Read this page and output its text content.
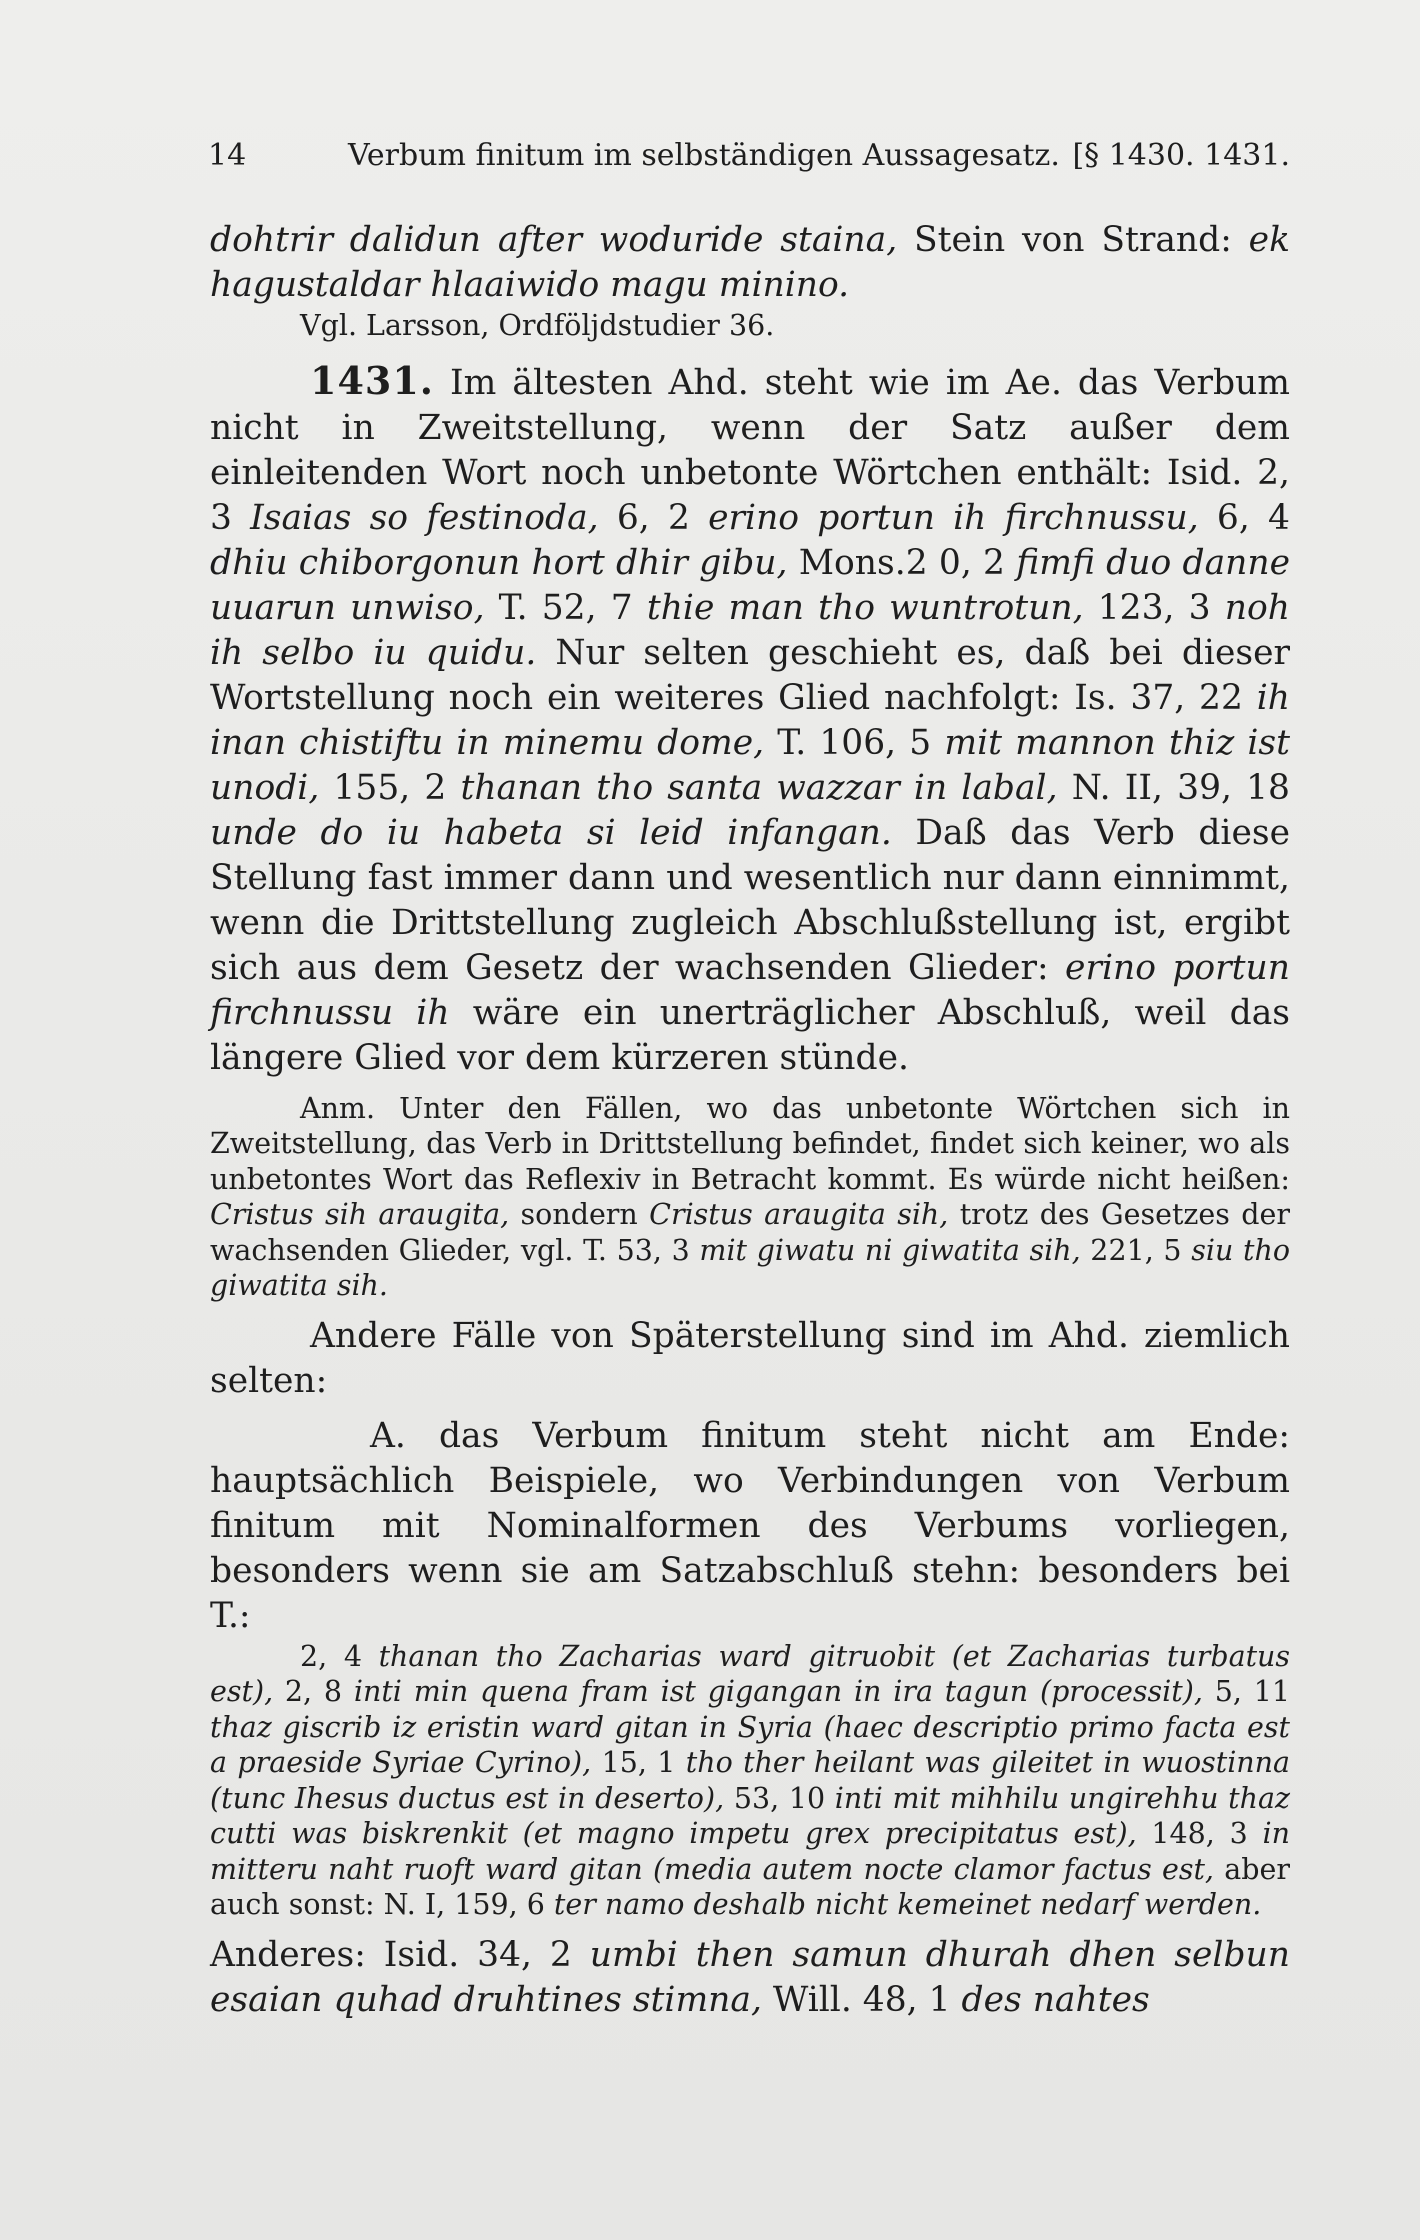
14	Verbum finitum im selbständigen Aussagesatz. [§ 1430. 1431.

dohtrir dalidun after woduride staina, Stein von Strand: ek hagustaldar hlaaiwido magu minino.

Vgl. Larsson, Ordföljdstudier 36.

1431. Im ältesten Ahd. steht wie im Ae. das Verbum nicht in Zweitstellung, wenn der Satz außer dem einleitenden Wort noch unbetonte Wörtchen enthält: Isid. 2, 3 Isaias so festinoda, 6, 2 erino portun ih firchnussu, 6, 4 dhiu chiborgonun hort dhir gibu, Mons.2 0, 2 fimfi duo danne uuarun unwiso, T. 52, 7 thie man tho wuntrotun, 123, 3 noh ih selbo iu quidu. Nur selten geschieht es, daß bei dieser Wortstellung noch ein weiteres Glied nachfolgt: Is. 37, 22 ih inan chistiftu in minemu dome, T. 106, 5 mit mannon thiz ist unodi, 155, 2 thanan tho santa wazzar in labal, N. II, 39, 18 unde do iu habeta si leid infangan. Daß das Verb diese Stellung fast immer dann und wesentlich nur dann einnimmt, wenn die Drittstellung zugleich Abschlußstellung ist, ergibt sich aus dem Gesetz der wachsenden Glieder: erino portun firchnussu ih wäre ein unerträglicher Abschluß, weil das längere Glied vor dem kürzeren stünde.

Anm. Unter den Fällen, wo das unbetonte Wörtchen sich in Zweitstellung, das Verb in Drittstellung befindet, findet sich keiner, wo als unbetontes Wort das Reflexiv in Betracht kommt. Es würde nicht heißen: Cristus sih araugita, sondern Cristus araugita sih, trotz des Gesetzes der wachsenden Glieder, vgl. T. 53, 3 mit giwatu ni giwatita sih, 221, 5 siu tho giwatita sih.

Andere Fälle von Späterstellung sind im Ahd. ziemlich selten:

A. das Verbum finitum steht nicht am Ende: hauptsächlich Beispiele, wo Verbindungen von Verbum finitum mit Nominalformen des Verbums vorliegen, besonders wenn sie am Satzabschluß stehn: besonders bei T.:

2, 4 thanan tho Zacharias ward gitruobit (et Zacharias turbatus est), 2, 8 inti min quena fram ist gigangan in ira tagun (processit), 5, 11 thaz giscrib iz eristin ward gitan in Syria (haec descriptio primo facta est a praeside Syriae Cyrino), 15, 1 tho ther heilant was gileitet in wuostinna (tunc Ihesus ductus est in deserto), 53, 10 inti mit mihhilu ungirehhu thaz cutti was biskrenkit (et magno impetu grex precipitatus est), 148, 3 in mitteru naht ruoft ward gitan (media autem nocte clamor factus est, aber auch sonst: N. I, 159, 6 ter namo deshalb nicht kemeinet nedarf werden.

Anderes: Isid. 34, 2 umbi then samun dhurah dhen selbun esaian quhad druhtines stimna, Will. 48, 1 des nahtes
